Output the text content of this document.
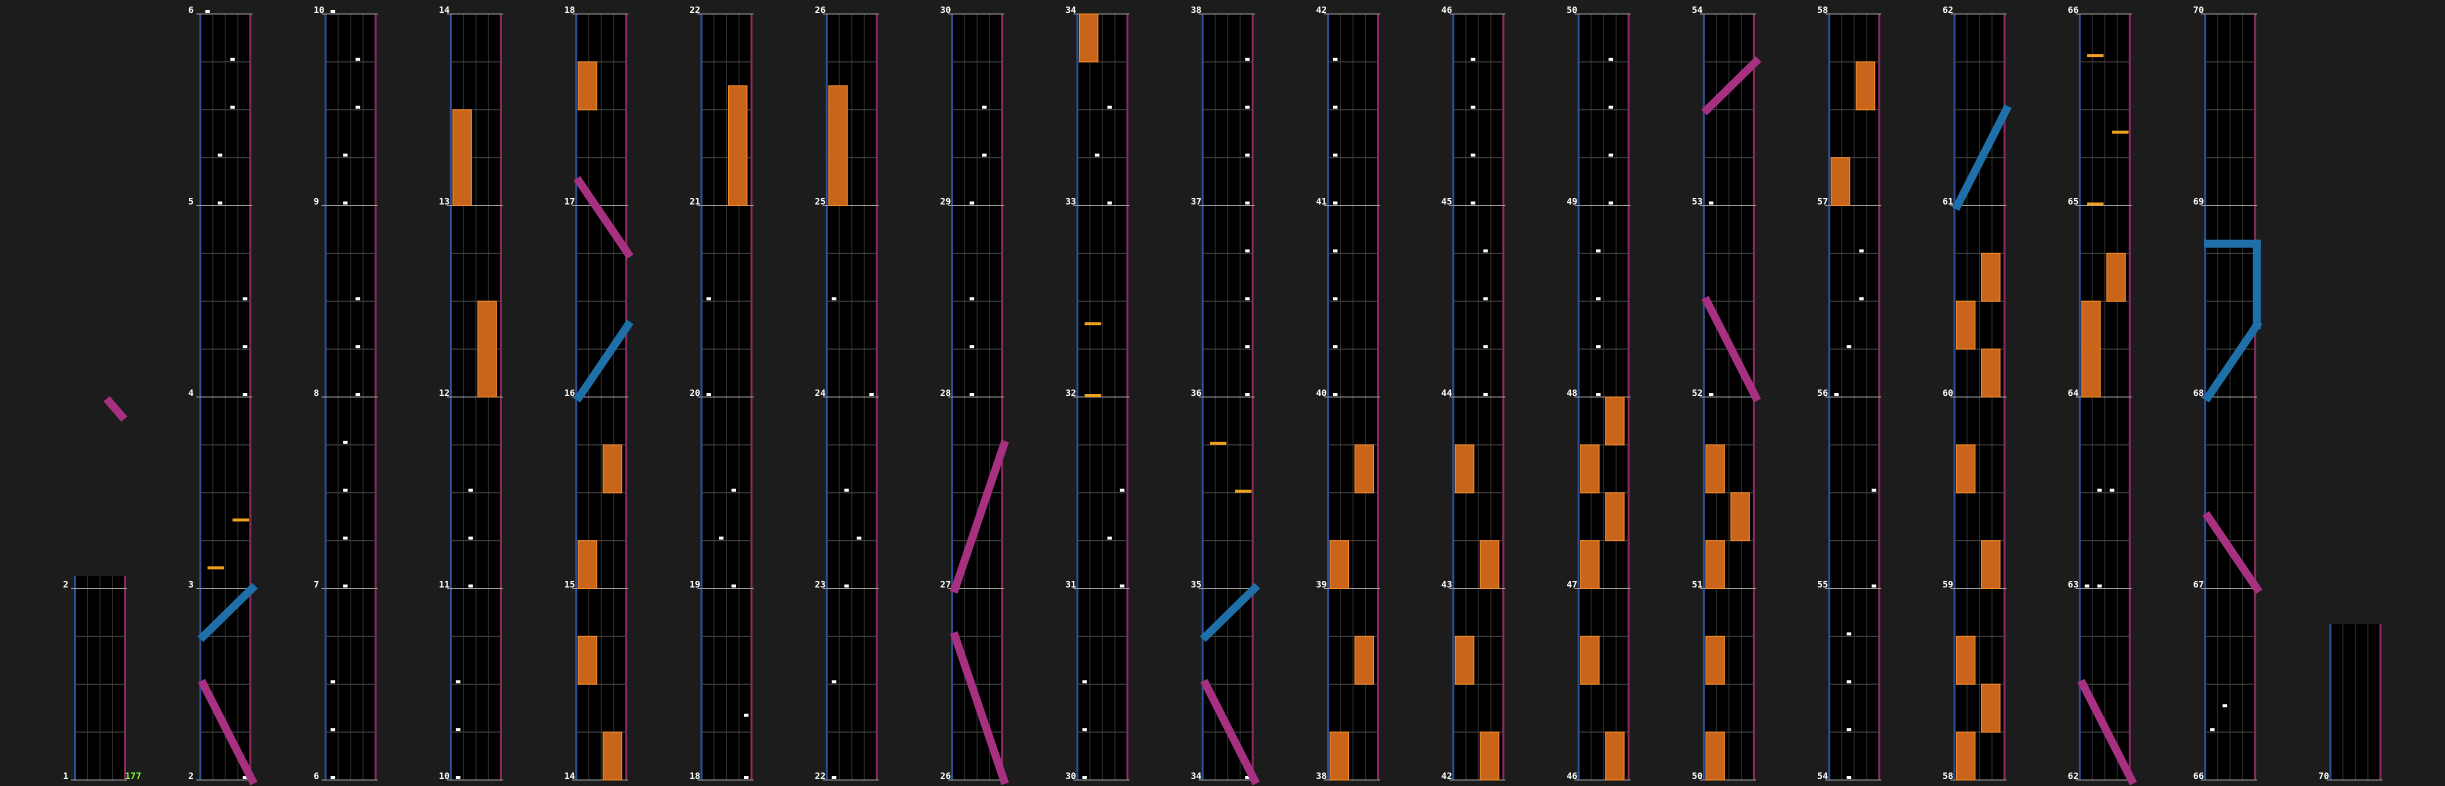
1
2
2
3
4
5
6
6
7
8
9
10
10
11
12
13
14
14
15
16
17
18
18
19
20
21
22
22
23
24
25
26
26
27
28
29
30
30
31
32
33
34
34
35
36
37
38
38
39
40
41
42
42
43
44
45
46
46
47
48
49
50
50
51
52
53
54
54
55
56
57
58
58
59
60
61
62
62
63
64
65
66
66
67
68
69
70
70
177
